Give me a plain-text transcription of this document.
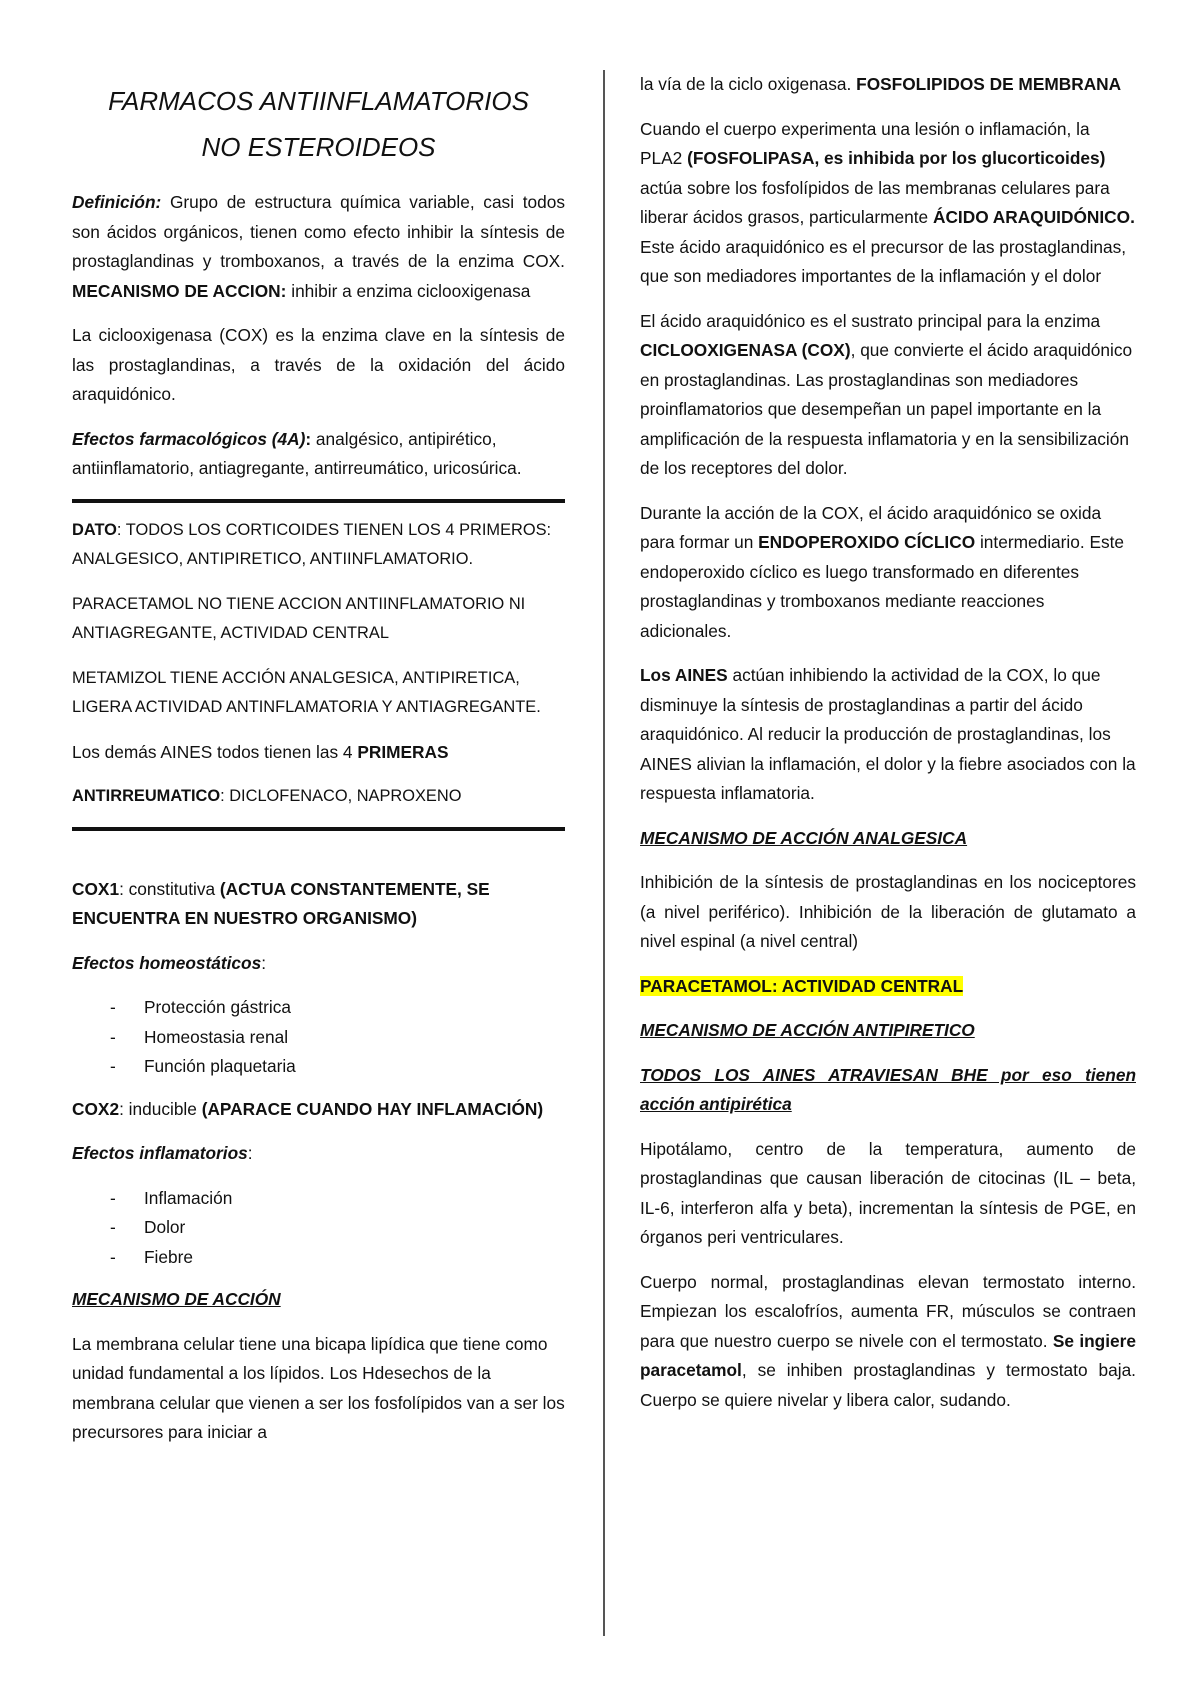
FARMACOS ANTIINFLAMATORIOS
NO ESTEROIDEOS

Definición: Grupo de estructura química variable, casi todos son ácidos orgánicos, tienen como efecto inhibir la síntesis de prostaglandinas y tromboxanos, a través de la enzima COX. MECANISMO DE ACCION: inhibir a enzima ciclooxigenasa

La ciclooxigenasa (COX) es la enzima clave en la síntesis de las prostaglandinas, a través de la oxidación del ácido araquidónico.

Efectos farmacológicos (4A): analgésico, antipirético, antiinflamatorio, antiagregante, antirreumático, uricosúrica.

DATO: TODOS LOS CORTICOIDES TIENEN LOS 4 PRIMEROS: ANALGESICO, ANTIPIRETICO, ANTIINFLAMATORIO.

PARACETAMOL NO TIENE ACCION ANTIINFLAMATORIO NI ANTIAGREGANTE, ACTIVIDAD CENTRAL

METAMIZOL TIENE ACCIÓN ANALGESICA, ANTIPIRETICA, LIGERA ACTIVIDAD ANTINFLAMATORIA Y ANTIAGREGANTE.

Los demás AINES todos tienen las 4 PRIMERAS

ANTIRREUMATICO: DICLOFENACO, NAPROXENO

COX1: constitutiva (ACTUA CONSTANTEMENTE, SE ENCUENTRA EN NUESTRO ORGANISMO)

Efectos homeostáticos:

- Protección gástrica
- Homeostasia renal
- Función plaquetaria

COX2: inducible (APARACE CUANDO HAY INFLAMACIÓN)

Efectos inflamatorios:

- Inflamación
- Dolor
- Fiebre

MECANISMO DE ACCIÓN

La membrana celular tiene una bicapa lipídica que tiene como unidad fundamental a los lípidos. Los Hdesechos de la membrana celular que vienen a ser los fosfolípidos van a ser los precursores para iniciar a

la vía de la ciclo oxigenasa. FOSFOLIPIDOS DE MEMBRANA

Cuando el cuerpo experimenta una lesión o inflamación, la PLA2 (FOSFOLIPASA, es inhibida por los glucorticoides) actúa sobre los fosfolípidos de las membranas celulares para liberar ácidos grasos, particularmente ÁCIDO ARAQUIDÓNICO. Este ácido araquidónico es el precursor de las prostaglandinas, que son mediadores importantes de la inflamación y el dolor

El ácido araquidónico es el sustrato principal para la enzima CICLOOXIGENASA (COX), que convierte el ácido araquidónico en prostaglandinas. Las prostaglandinas son mediadores proinflamatorios que desempeñan un papel importante en la amplificación de la respuesta inflamatoria y en la sensibilización de los receptores del dolor.

Durante la acción de la COX, el ácido araquidónico se oxida para formar un ENDOPEROXIDO CÍCLICO intermediario. Este endoperoxido cíclico es luego transformado en diferentes prostaglandinas y tromboxanos mediante reacciones adicionales.

Los AINES actúan inhibiendo la actividad de la COX, lo que disminuye la síntesis de prostaglandinas a partir del ácido araquidónico. Al reducir la producción de prostaglandinas, los AINES alivian la inflamación, el dolor y la fiebre asociados con la respuesta inflamatoria.

MECANISMO DE ACCIÓN ANALGESICA

Inhibición de la síntesis de prostaglandinas en los nociceptores (a nivel periférico). Inhibición de la liberación de glutamato a nivel espinal (a nivel central)

PARACETAMOL: ACTIVIDAD CENTRAL

MECANISMO DE ACCIÓN ANTIPIRETICO

TODOS LOS AINES ATRAVIESAN BHE por eso tienen acción antipirética

Hipotálamo, centro de la temperatura, aumento de prostaglandinas que causan liberación de citocinas (IL – beta, IL-6, interferon alfa y beta), incrementan la síntesis de PGE, en órganos peri ventriculares.

Cuerpo normal, prostaglandinas elevan termostato interno. Empiezan los escalofríos, aumenta FR, músculos se contraen para que nuestro cuerpo se nivele con el termostato. Se ingiere paracetamol, se inhiben prostaglandinas y termostato baja. Cuerpo se quiere nivelar y libera calor, sudando.
